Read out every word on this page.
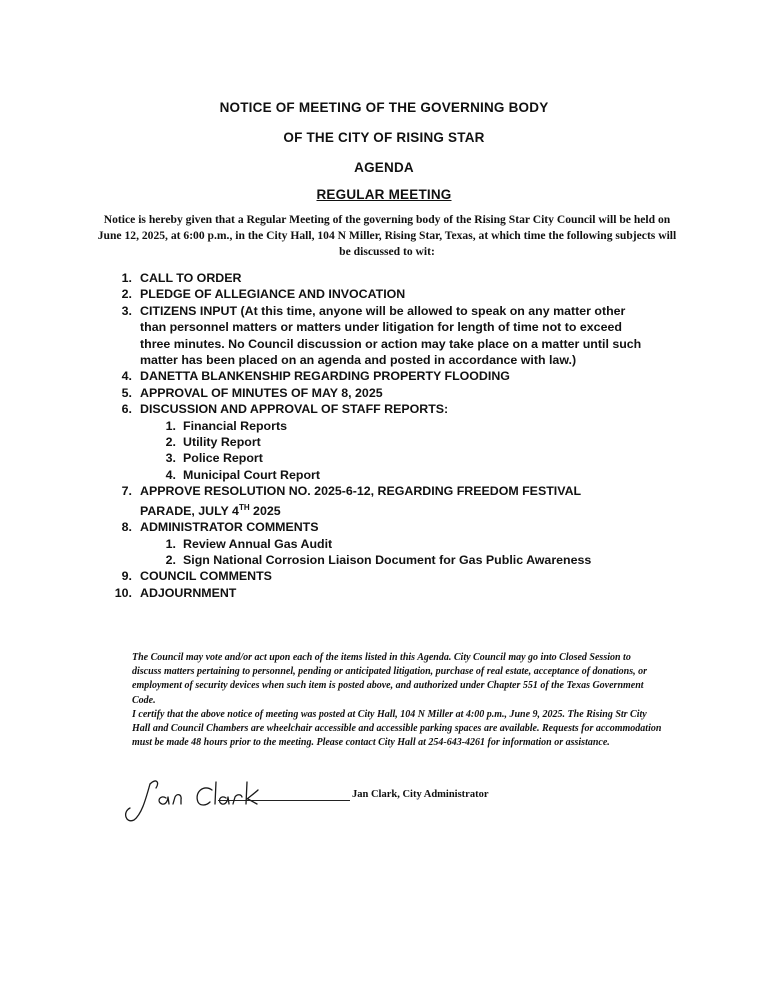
NOTICE OF MEETING OF THE GOVERNING BODY
OF THE CITY OF RISING STAR
AGENDA
REGULAR MEETING
Notice is hereby given that a Regular Meeting of the governing body of the Rising Star City Council will be held on June 12, 2025, at 6:00 p.m., in the City Hall, 104 N Miller, Rising Star, Texas, at which time the following subjects will be discussed to wit:
1. CALL TO ORDER
2. PLEDGE OF ALLEGIANCE AND INVOCATION
3. CITIZENS INPUT (At this time, anyone will be allowed to speak on any matter other than personnel matters or matters under litigation for length of time not to exceed three minutes. No Council discussion or action may take place on a matter until such matter has been placed on an agenda and posted in accordance with law.)
4. DANETTA BLANKENSHIP REGARDING PROPERTY FLOODING
5. APPROVAL OF MINUTES OF MAY 8, 2025
6. DISCUSSION AND APPROVAL OF STAFF REPORTS:
1. Financial Reports
2. Utility Report
3. Police Report
4. Municipal Court Report
7. APPROVE RESOLUTION NO. 2025-6-12, REGARDING FREEDOM FESTIVAL PARADE, JULY 4TH 2025
8. ADMINISTRATOR COMMENTS
1. Review Annual Gas Audit
2. Sign National Corrosion Liaison Document for Gas Public Awareness
9. COUNCIL COMMENTS
10. ADJOURNMENT

The Council may vote and/or act upon each of the items listed in this Agenda. City Council may go into Closed Session to discuss matters pertaining to personnel, pending or anticipated litigation, purchase of real estate, acceptance of donations, or employment of security devices when such item is posted above, and authorized under Chapter 551 of the Texas Government Code.

I certify that the above notice of meeting was posted at City Hall, 104 N Miller at 4:00 p.m., June 9, 2025. The Rising Str City Hall and Council Chambers are wheelchair accessible and accessible parking spaces are available. Requests for accommodation must be made 48 hours prior to the meeting. Please contact City Hall at 254-643-4261 for information or assistance.

Jan Clark, City Administrator
